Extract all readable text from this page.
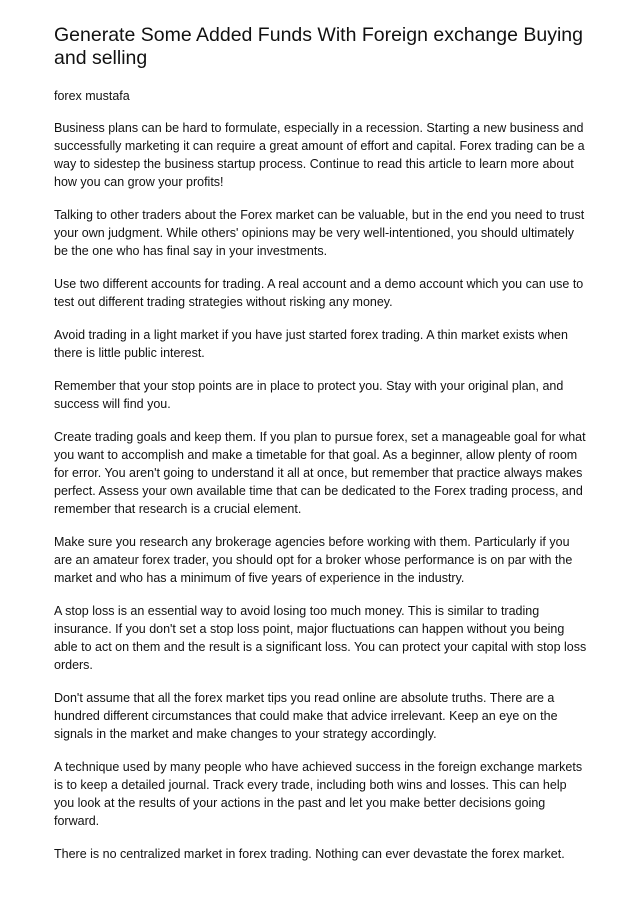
Generate Some Added Funds With Foreign exchange Buying and selling
forex mustafa

Business plans can be hard to formulate, especially in a recession. Starting a new business and successfully marketing it can require a great amount of effort and capital. Forex trading can be a way to sidestep the business startup process. Continue to read this article to learn more about how you can grow your profits!

Talking to other traders about the Forex market can be valuable, but in the end you need to trust your own judgment. While others' opinions may be very well-intentioned, you should ultimately be the one who has final say in your investments.

Use two different accounts for trading. A real account and a demo account which you can use to test out different trading strategies without risking any money.

Avoid trading in a light market if you have just started forex trading. A thin market exists when there is little public interest.

Remember that your stop points are in place to protect you. Stay with your original plan, and success will find you.

Create trading goals and keep them. If you plan to pursue forex, set a manageable goal for what you want to accomplish and make a timetable for that goal. As a beginner, allow plenty of room for error. You aren't going to understand it all at once, but remember that practice always makes perfect. Assess your own available time that can be dedicated to the Forex trading process, and remember that research is a crucial element.

Make sure you research any brokerage agencies before working with them. Particularly if you are an amateur forex trader, you should opt for a broker whose performance is on par with the market and who has a minimum of five years of experience in the industry.

A stop loss is an essential way to avoid losing too much money. This is similar to trading insurance. If you don't set a stop loss point, major fluctuations can happen without you being able to act on them and the result is a significant loss. You can protect your capital with stop loss orders.

Don't assume that all the forex market tips you read online are absolute truths. There are a hundred different circumstances that could make that advice irrelevant. Keep an eye on the signals in the market and make changes to your strategy accordingly.

A technique used by many people who have achieved success in the foreign exchange markets is to keep a detailed journal. Track every trade, including both wins and losses. This can help you look at the results of your actions in the past and let you make better decisions going forward.

There is no centralized market in forex trading. Nothing can ever devastate the forex market.
